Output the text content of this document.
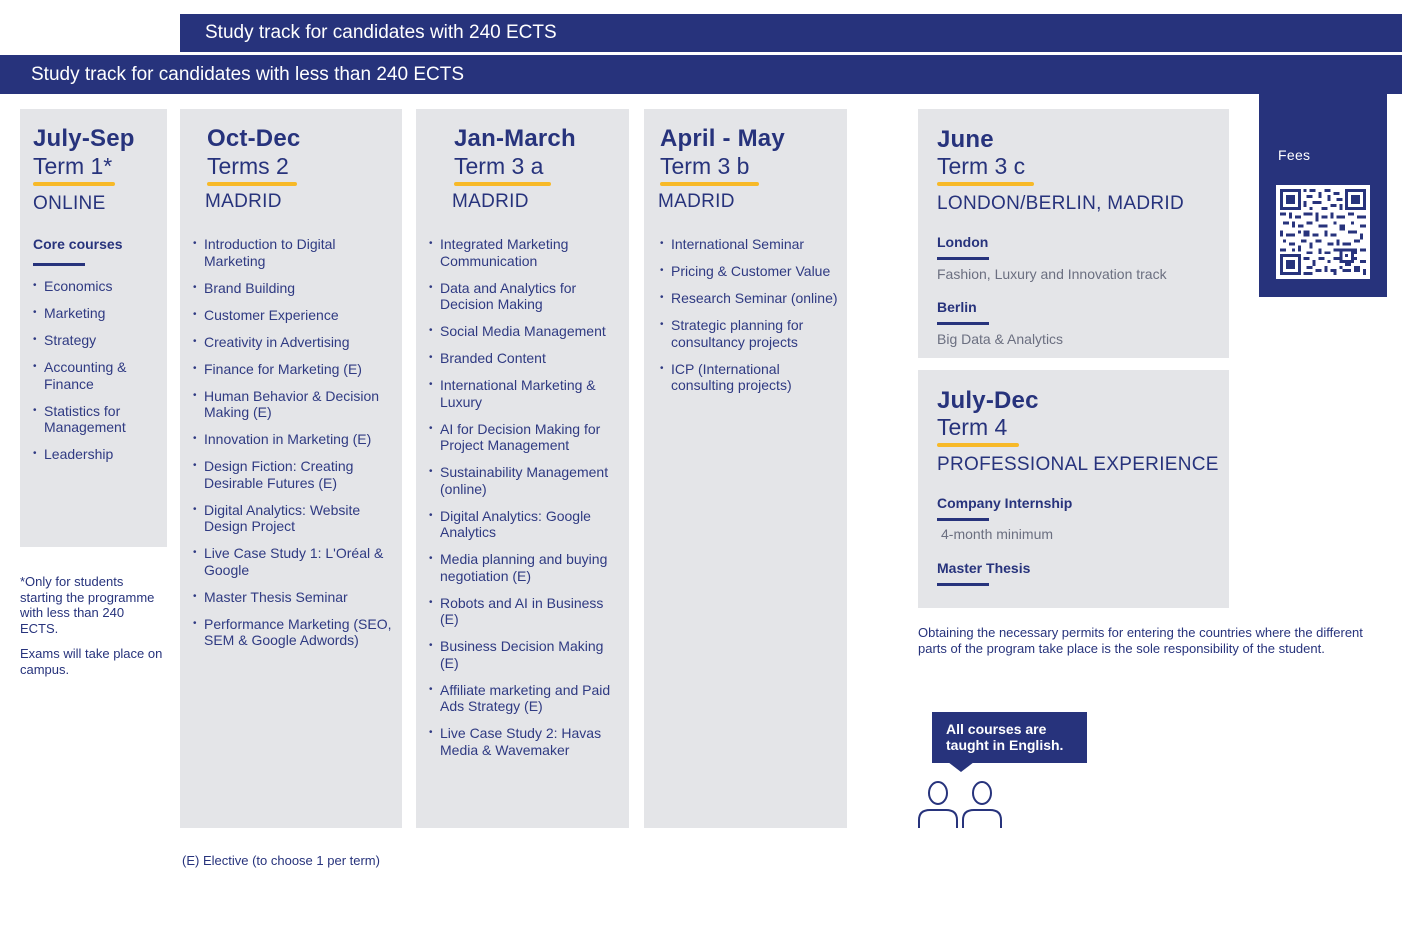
Study track for candidates with 240 ECTS
Study track for candidates with less than 240 ECTS
July-Sep
Term 1*
ONLINE
Core courses
• Economics
• Marketing
• Strategy
• Accounting & Finance
• Statistics for Management
• Leadership
*Only for students starting the programme with less than 240 ECTS.
Exams will take place on campus.
Oct-Dec
Terms 2
MADRID
• Introduction to Digital Marketing
• Brand Building
• Customer Experience
• Creativity in Advertising
• Finance for Marketing (E)
• Human Behavior & Decision Making (E)
• Innovation in Marketing (E)
• Design Fiction: Creating Desirable Futures (E)
• Digital Analytics: Website Design Project
• Live Case Study 1: L'Oréal & Google
• Master Thesis Seminar
• Performance Marketing (SEO, SEM & Google Adwords)
Jan-March
Term 3 a
MADRID
• Integrated Marketing Communication
• Data and Analytics for Decision Making
• Social Media Management
• Branded Content
• International Marketing & Luxury
• AI for Decision Making for Project Management
• Sustainability Management (online)
• Digital Analytics: Google Analytics
• Media planning and buying negotiation (E)
• Robots and AI in Business (E)
• Business Decision Making (E)
• Affiliate marketing and Paid Ads Strategy (E)
• Live Case Study 2: Havas Media & Wavemaker
April - May
Term 3 b
MADRID
• International Seminar
• Pricing & Customer Value
• Research Seminar (online)
• Strategic planning for consultancy projects
• ICP (International consulting projects)
June
Term 3 c
LONDON/BERLIN, MADRID
London
Fashion, Luxury and Innovation track
Berlin
Big Data & Analytics
July-Dec
Term 4
PROFESSIONAL EXPERIENCE
Company Internship
4-month minimum
Master Thesis
Fees
Obtaining the necessary permits for entering the countries where the different parts of the program take place is the sole responsibility of the student.
All courses are taught in English.
(E) Elective (to choose 1 per term)
